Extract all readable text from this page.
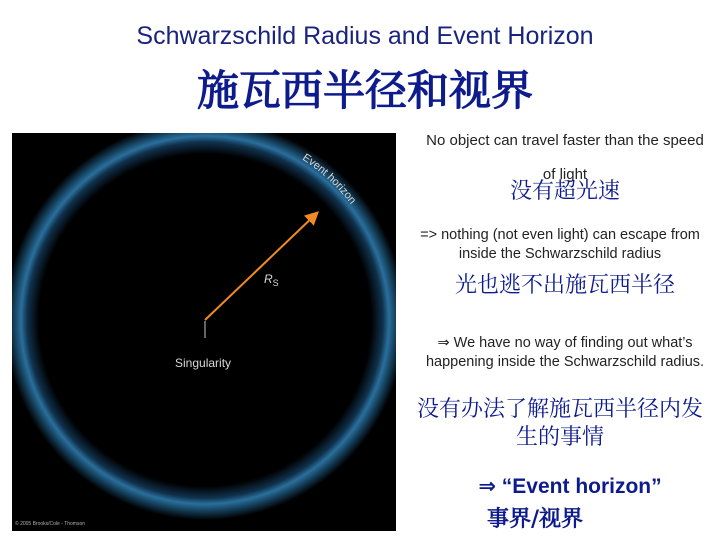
Schwarzschild Radius and Event Horizon
施瓦西半径和视界
Event horizon
$R_S$
Singularity
© 2005 Brooks/Cole - Thomson
No object can travel faster than the speed of light
没有超光速
=> nothing (not even light) can escape from inside the Schwarzschild radius
光也逃不出施瓦西半径
⇒ We have no way of finding out what’s happening inside the Schwarzschild radius.
没有办法了解施瓦西半径内发生的事情
⇒ “Event horizon”
事界/视界
